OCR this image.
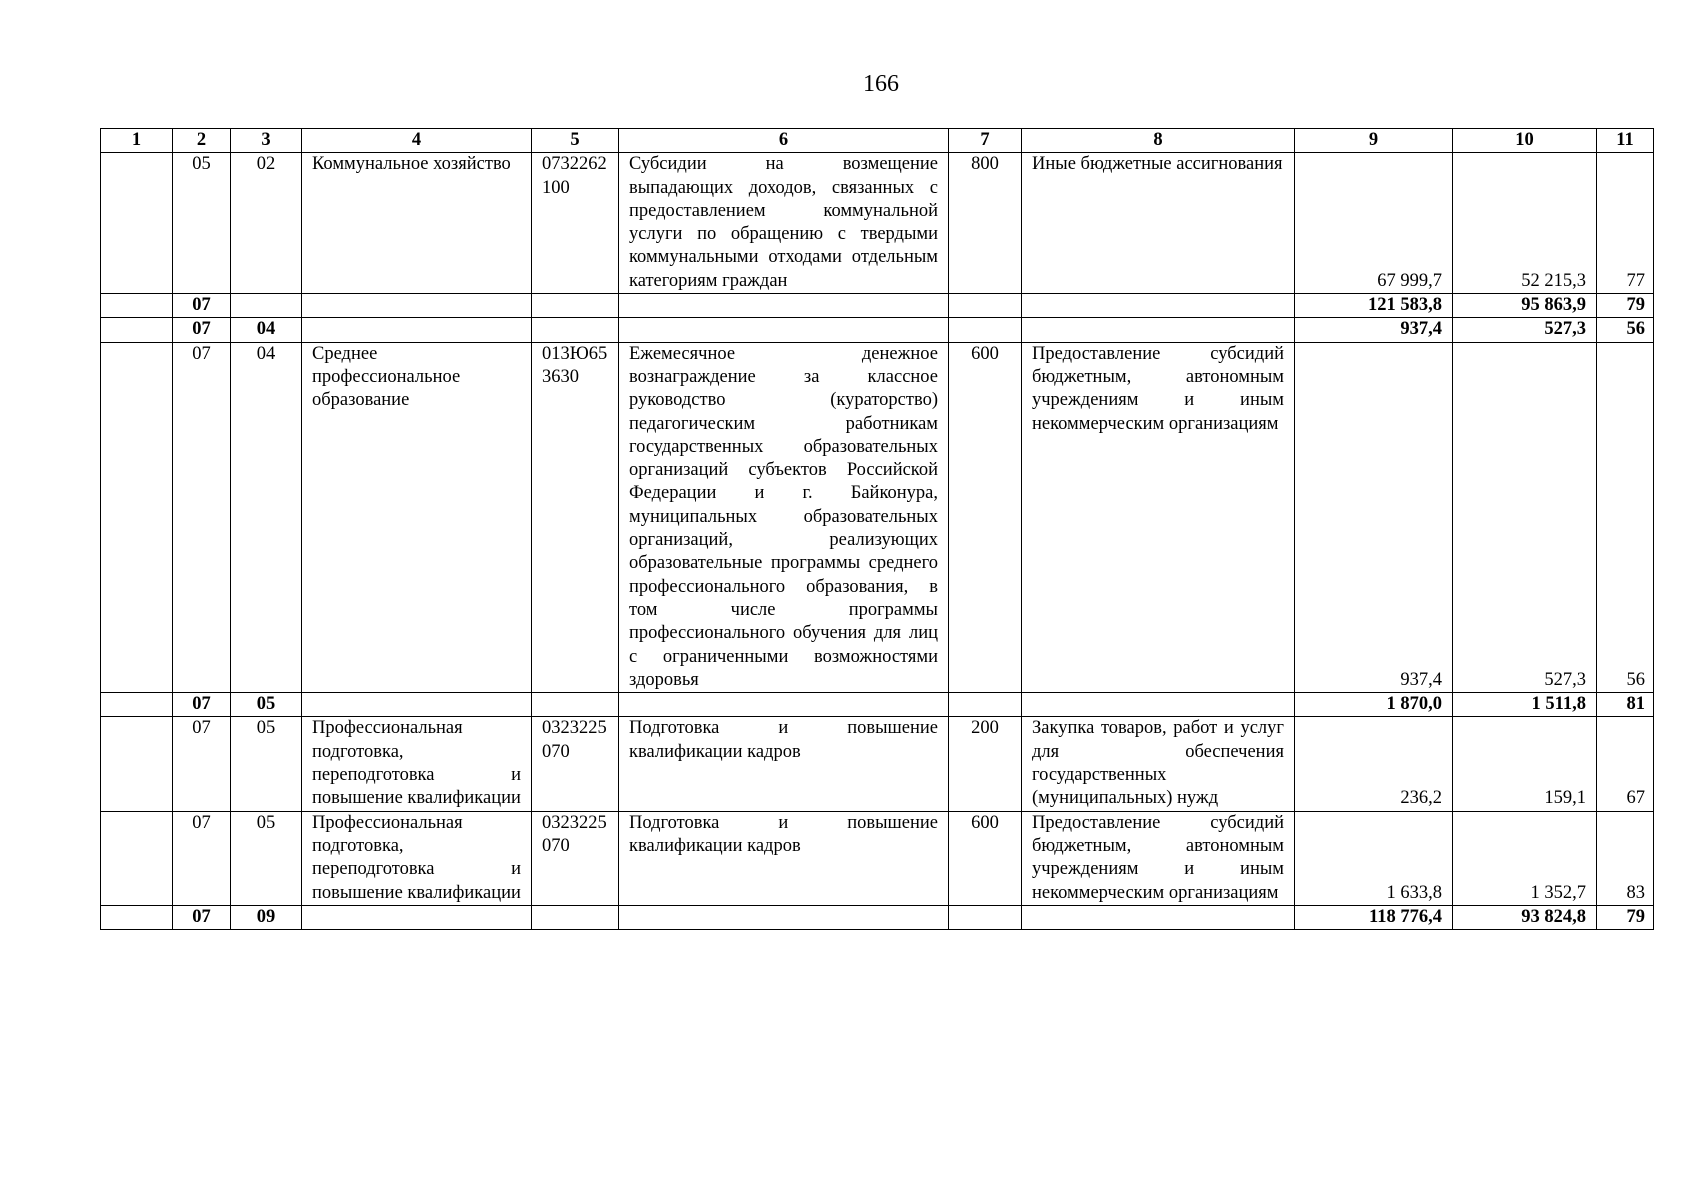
166
1	2	3	4	5	6	7	8	9	10	11
	05	02	Коммунальное хозяйство	0732262100	Субсидии на возмещение выпадающих доходов, связанных с предоставлением коммунальной услуги по обращению с твердыми коммунальными отходами отдельным категориям граждан	800	Иные бюджетные ассигнования	67 999,7	52 215,3	77
	07							121 583,8	95 863,9	79
	07	04						937,4	527,3	56
	07	04	Среднее профессиональное образование	013Ю653630	Ежемесячное денежное вознаграждение за классное руководство (кураторство) педагогическим работникам государственных образовательных организаций субъектов Российской Федерации и г. Байконура, муниципальных образовательных организаций, реализующих образовательные программы среднего профессионального образования, в том числе программы профессионального обучения для лиц с ограниченными возможностями здоровья	600	Предоставление субсидий бюджетным, автономным учреждениям и иным некоммерческим организациям	937,4	527,3	56
	07	05						1 870,0	1 511,8	81
	07	05	Профессиональная подготовка, переподготовка и повышение квалификации	0323225070	Подготовка и повышение квалификации кадров	200	Закупка товаров, работ и услуг для обеспечения государственных (муниципальных) нужд	236,2	159,1	67
	07	05	Профессиональная подготовка, переподготовка и повышение квалификации	0323225070	Подготовка и повышение квалификации кадров	600	Предоставление субсидий бюджетным, автономным учреждениям и иным некоммерческим организациям	1 633,8	1 352,7	83
	07	09						118 776,4	93 824,8	79
